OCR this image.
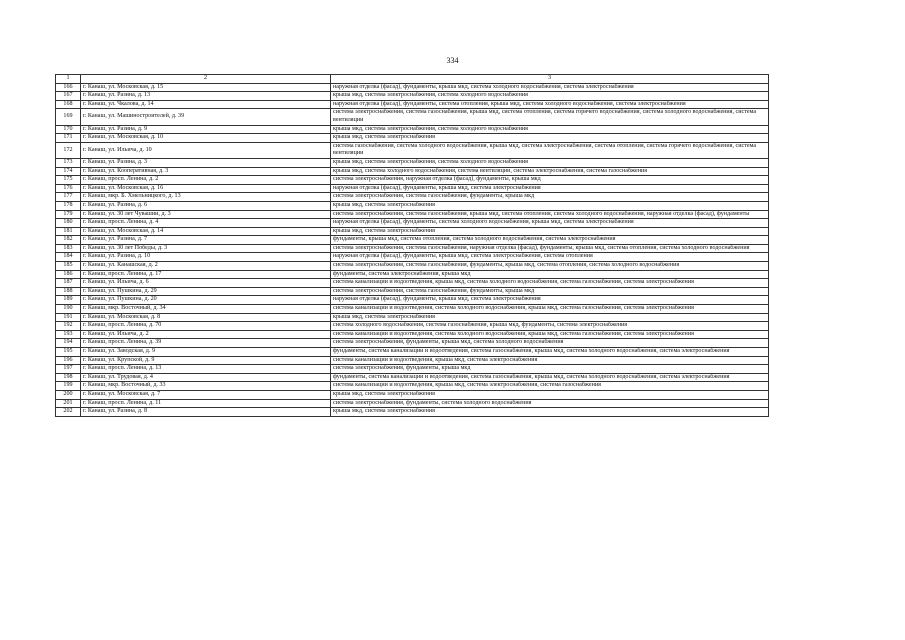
334
1	2	3
166	г. Канаш, ул. Московская, д. 15	наружная отделка (фасад), фундаменты, крыша мкд, система холодного водоснабжения, система электроснабжения
167	г. Канаш, ул. Разина, д. 13	крыша мкд, система электроснабжения, система холодного водоснабжения
168	г. Канаш, ул. Чкалова, д. 14	наружная отделка (фасад), фундаменты, система отопления, крыша мкд, система холодного водоснабжения, система электроснабжения
169	г. Канаш, ул. Машиностроителей, д. 39	система электроснабжения, система газоснабжения, крыша мкд, система отопления, система горячего водоснабжения, система холодного водоснабжения, система вентиляции
170	г. Канаш, ул. Разина, д. 9	крыша мкд, система электроснабжения, система холодного водоснабжения
171	г. Канаш, ул. Московская, д. 10	крыша мкд, система электроснабжения
172	г. Канаш, ул. Ильича, д. 10	система газоснабжения, система холодного водоснабжения, крыша мкд, система электроснабжения, система отопления, система горячего водоснабжения, система вентиляции
173	г. Канаш, ул. Разина, д. 3	крыша мкд, система электроснабжения, система холодного водоснабжения
174	г. Канаш, ул. Кооперативная, д. 3	крыша мкд, система холодного водоснабжения, система вентиляции, система электроснабжения, система газоснабжения
175	г. Канаш, просп. Ленина, д. 2	система электроснабжения, наружная отделка (фасад), фундаменты, крыша мкд
176	г. Канаш, ул. Московская, д. 16	наружная отделка (фасад), фундаменты, крыша мкд, система электроснабжения
177	г. Канаш, мкр. Б. Хмельницкого, д. 13	система электроснабжения, система газоснабжения, фундаменты, крыша мкд
178	г. Канаш, ул. Разина, д. 6	крыша мкд, система электроснабжения
179	г. Канаш, ул. 30 лет Чувашии, д. 3	система электроснабжения, система газоснабжения, крыша мкд, система отопления, система холодного водоснабжения, наружная отделка (фасад), фундаменты
180	г. Канаш, просп. Ленина, д. 4	наружная отделка (фасад), фундаменты, система холодного водоснабжения, крыша мкд, система электроснабжения
181	г. Канаш, ул. Московская, д. 14	крыша мкд, система электроснабжения
182	г. Канаш, ул. Разина, д. 7	фундаменты, крыша мкд, система отопления, система холодного водоснабжения, система электроснабжения
183	г. Канаш, ул. 30 лет Победы, д. 3	система электроснабжения, система газоснабжения, наружная отделка (фасад), фундаменты, крыша мкд, система отопления, система холодного водоснабжения
184	г. Канаш, ул. Разина, д. 10	наружная отделка (фасад), фундаменты, крыша мкд, система электроснабжения, система отопления
185	г. Канаш, ул. Канашская, д. 2	система электроснабжения, система газоснабжения, фундаменты, крыша мкд, система отопления, система холодного водоснабжения
186	г. Канаш, просп. Ленина, д. 17	фундаменты, система электроснабжения, крыша мкд
187	г. Канаш, ул. Ильича, д. 6	система канализации и водоотведения, крыша мкд, система холодного водоснабжения, система газоснабжения, система электроснабжения
188	г. Канаш, ул. Пушкина, д. 29	система электроснабжения, система газоснабжения, фундаменты, крыша мкд
189	г. Канаш, ул. Пушкина, д. 20	наружная отделка (фасад), фундаменты, крыша мкд, система электроснабжения
190	г. Канаш, мкр. Восточный, д. 34	система канализации и водоотведения, система холодного водоснабжения, крыша мкд, система газоснабжения, система электроснабжения
191	г. Канаш, ул. Московская, д. 8	крыша мкд, система электроснабжения
192	г. Канаш, просп. Ленина, д. 70	система холодного водоснабжения, система газоснабжения, крыша мкд, фундаменты, система электроснабжения
193	г. Канаш, ул. Ильича, д. 2	система канализации и водоотведения, система холодного водоснабжения, крыша мкд, система газоснабжения, система электроснабжения
194	г. Канаш, просп. Ленина, д. 39	система электроснабжения, фундаменты, крыша мкд, система холодного водоснабжения
195	г. Канаш, ул. Заводская, д. 9	фундаменты, система канализации и водоотведения, система газоснабжения, крыша мкд, система холодного водоснабжения, система электроснабжения
196	г. Канаш, ул. Крупской, д. 9	система канализации и водоотведения, крыша мкд, система электроснабжения
197	г. Канаш, просп. Ленина, д. 13	система электроснабжения, фундаменты, крыша мкд
198	г. Канаш, ул. Трудовая, д. 4	фундаменты, система канализации и водоотведения, система газоснабжения, крыша мкд, система холодного водоснабжения, система электроснабжения
199	г. Канаш, мкр. Восточный, д. 33	система канализации и водоотведения, крыша мкд, система электроснабжения, система газоснабжения
200	г. Канаш, ул. Московская, д. 7	крыша мкд, система электроснабжения
201	г. Канаш, просп. Ленина, д. 11	система электроснабжения, фундаменты, система холодного водоснабжения
202	г. Канаш, ул. Разина, д. 8	крыша мкд, система электроснабжения
